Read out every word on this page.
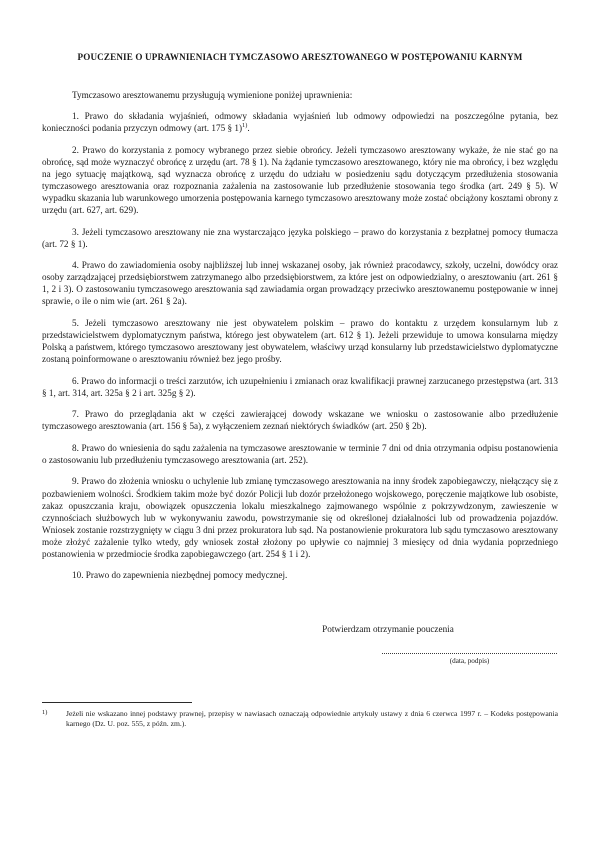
POUCZENIE O UPRAWNIENIACH TYMCZASOWO ARESZTOWANEGO W POSTĘPOWANIU KARNYM

Tymczasowo aresztowanemu przysługują wymienione poniżej uprawnienia:

1. Prawo do składania wyjaśnień, odmowy składania wyjaśnień lub odmowy odpowiedzi na poszczególne pytania, bez konieczności podania przyczyn odmowy (art. 175 § 1)$^{1)}$.

2. Prawo do korzystania z pomocy wybranego przez siebie obrońcy. Jeżeli tymczasowo aresztowany wykaże, że nie stać go na obrońcę, sąd może wyznaczyć obrońcę z urzędu (art. 78 § 1). Na żądanie tymczasowo aresztowanego, który nie ma obrońcy, i bez względu na jego sytuację majątkową, sąd wyznacza obrońcę z urzędu do udziału w posiedzeniu sądu dotyczącym przedłużenia stosowania tymczasowego aresztowania oraz rozpoznania zażalenia na zastosowanie lub przedłużenie stosowania tego środka (art. 249 § 5). W wypadku skazania lub warunkowego umorzenia postępowania karnego tymczasowo aresztowany może zostać obciążony kosztami obrony z urzędu (art. 627, art. 629).

3. Jeżeli tymczasowo aresztowany nie zna wystarczająco języka polskiego – prawo do korzystania z bezpłatnej pomocy tłumacza (art. 72 § 1).

4. Prawo do zawiadomienia osoby najbliższej lub innej wskazanej osoby, jak również pracodawcy, szkoły, uczelni, dowódcy oraz osoby zarządzającej przedsiębiorstwem zatrzymanego albo przedsiębiorstwem, za które jest on odpowiedzialny, o aresztowaniu (art. 261 § 1, 2 i 3). O zastosowaniu tymczasowego aresztowania sąd zawiadamia organ prowadzący przeciwko aresztowanemu postępowanie w innej sprawie, o ile o nim wie (art. 261 § 2a).

5. Jeżeli tymczasowo aresztowany nie jest obywatelem polskim – prawo do kontaktu z urzędem konsularnym lub z przedstawicielstwem dyplomatycznym państwa, którego jest obywatelem (art. 612 § 1). Jeżeli przewiduje to umowa konsularna między Polską a państwem, którego tymczasowo aresztowany jest obywatelem, właściwy urząd konsularny lub przedstawicielstwo dyplomatyczne zostaną poinformowane o aresztowaniu również bez jego prośby.

6. Prawo do informacji o treści zarzutów, ich uzupełnieniu i zmianach oraz kwalifikacji prawnej zarzucanego przestępstwa (art. 313 § 1, art. 314, art. 325a § 2 i art. 325g § 2).

7. Prawo do przeglądania akt w części zawierającej dowody wskazane we wniosku o zastosowanie albo przedłużenie tymczasowego aresztowania (art. 156 § 5a), z wyłączeniem zeznań niektórych świadków (art. 250 § 2b).

8. Prawo do wniesienia do sądu zażalenia na tymczasowe aresztowanie w terminie 7 dni od dnia otrzymania odpisu postanowienia o zastosowaniu lub przedłużeniu tymczasowego aresztowania (art. 252).

9. Prawo do złożenia wniosku o uchylenie lub zmianę tymczasowego aresztowania na inny środek zapobiegawczy, niełączący się z pozbawieniem wolności. Środkiem takim może być dozór Policji lub dozór przełożonego wojskowego, poręczenie majątkowe lub osobiste, zakaz opuszczania kraju, obowiązek opuszczenia lokalu mieszkalnego zajmowanego wspólnie z pokrzywdzonym, zawieszenie w czynnościach służbowych lub w wykonywaniu zawodu, powstrzymanie się od określonej działalności lub od prowadzenia pojazdów. Wniosek zostanie rozstrzygnięty w ciągu 3 dni przez prokuratora lub sąd. Na postanowienie prokuratora lub sądu tymczasowo aresztowany może złożyć zażalenie tylko wtedy, gdy wniosek został złożony po upływie co najmniej 3 miesięcy od dnia wydania poprzedniego postanowienia w przedmiocie środka zapobiegawczego (art. 254 § 1 i 2).

10. Prawo do zapewnienia niezbędnej pomocy medycznej.

Potwierdzam otrzymanie pouczenia
(data, podpis)

1) Jeżeli nie wskazano innej podstawy prawnej, przepisy w nawiasach oznaczają odpowiednie artykuły ustawy z dnia 6 czerwca 1997 r. – Kodeks postępowania karnego (Dz. U. poz. 555, z późn. zm.).
